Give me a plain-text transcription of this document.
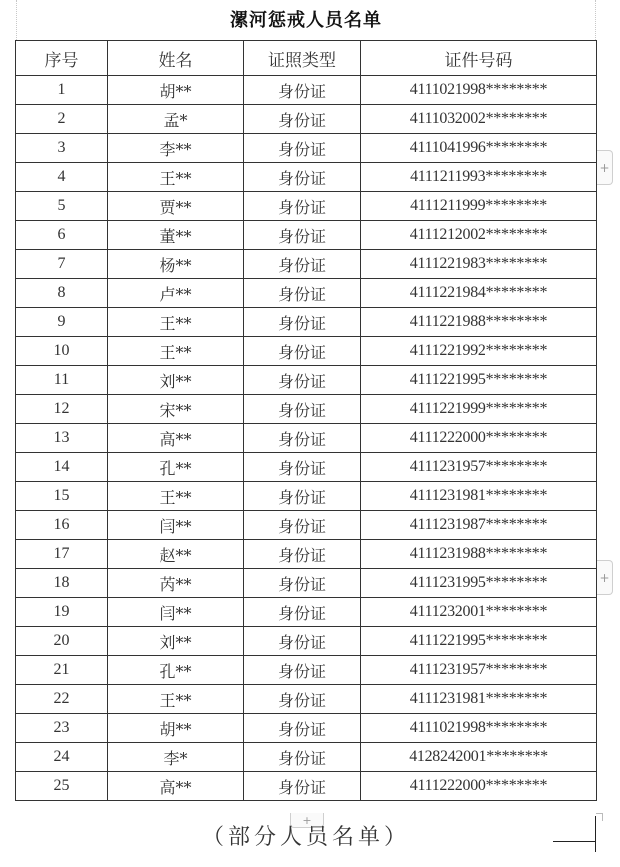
漯河惩戒人员名单
序号	姓名	证照类型	证件号码
1	胡**	身份证	4111021998********
2	孟*	身份证	4111032002********
3	李**	身份证	4111041996********
4	王**	身份证	4111211993********
5	贾**	身份证	4111211999********
6	董**	身份证	4111212002********
7	杨**	身份证	4111221983********
8	卢**	身份证	4111221984********
9	王**	身份证	4111221988********
10	王**	身份证	4111221992********
11	刘**	身份证	4111221995********
12	宋**	身份证	4111221999********
13	高**	身份证	4111222000********
14	孔**	身份证	4111231957********
15	王**	身份证	4111231981********
16	闫**	身份证	4111231987********
17	赵**	身份证	4111231988********
18	芮**	身份证	4111231995********
19	闫**	身份证	4111232001********
20	刘**	身份证	4111221995********
21	孔**	身份证	4111231957********
22	王**	身份证	4111231981********
23	胡**	身份证	4111021998********
24	李*	身份证	4128242001********
25	高**	身份证	4111222000********
+
+
+
（部分人员名单）
